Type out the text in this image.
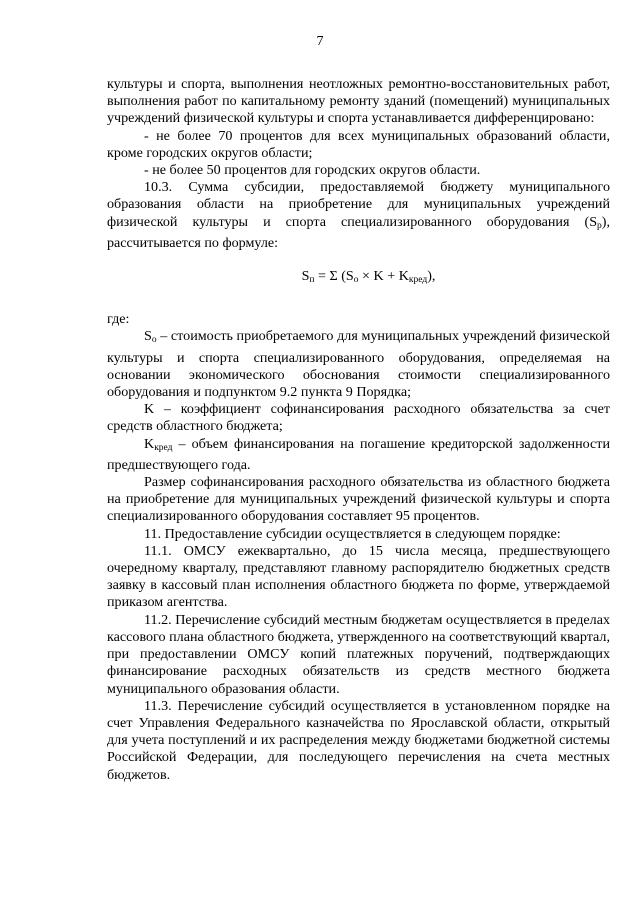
7

культуры и спорта, выполнения неотложных ремонтно-восстановительных работ, выполнения работ по капитальному ремонту зданий (помещений) муниципальных учреждений физической культуры и спорта устанавливается дифференцировано:

- не более 70 процентов для всех муниципальных образований области, кроме городских округов области;

- не более 50 процентов для городских округов области.

10.3. Сумма субсидии, предоставляемой бюджету муниципального образования области на приобретение для муниципальных учреждений физической культуры и спорта специализированного оборудования $(S_р)$, рассчитывается по формуле:

$S_п = \Sigma$ $(S_о \times K + K_{кред})$,

где:

$S_о$ – стоимость приобретаемого для муниципальных учреждений физической культуры и спорта специализированного оборудования, определяемая на основании экономического обоснования стоимости специализированного оборудования и подпунктом 9.2 пункта 9 Порядка;

K – коэффициент софинансирования расходного обязательства за счет средств областного бюджета;

$K_{кред}$ – объем финансирования на погашение кредиторской задолженности предшествующего года.

Размер софинансирования расходного обязательства из областного бюджета на приобретение для муниципальных учреждений физической культуры и спорта специализированного оборудования составляет 95 процентов.

11. Предоставление субсидии осуществляется в следующем порядке:

11.1. ОМСУ ежеквартально, до 15 числа месяца, предшествующего очередному кварталу, представляют главному распорядителю бюджетных средств заявку в кассовый план исполнения областного бюджета по форме, утверждаемой приказом агентства.

11.2. Перечисление субсидий местным бюджетам осуществляется в пределах кассового плана областного бюджета, утвержденного на соответствующий квартал, при предоставлении ОМСУ копий платежных поручений, подтверждающих финансирование расходных обязательств из средств местного бюджета муниципального образования области.

11.3. Перечисление субсидий осуществляется в установленном порядке на счет Управления Федерального казначейства по Ярославской области, открытый для учета поступлений и их распределения между бюджетами бюджетной системы Российской Федерации, для последующего перечисления на счета местных бюджетов.
